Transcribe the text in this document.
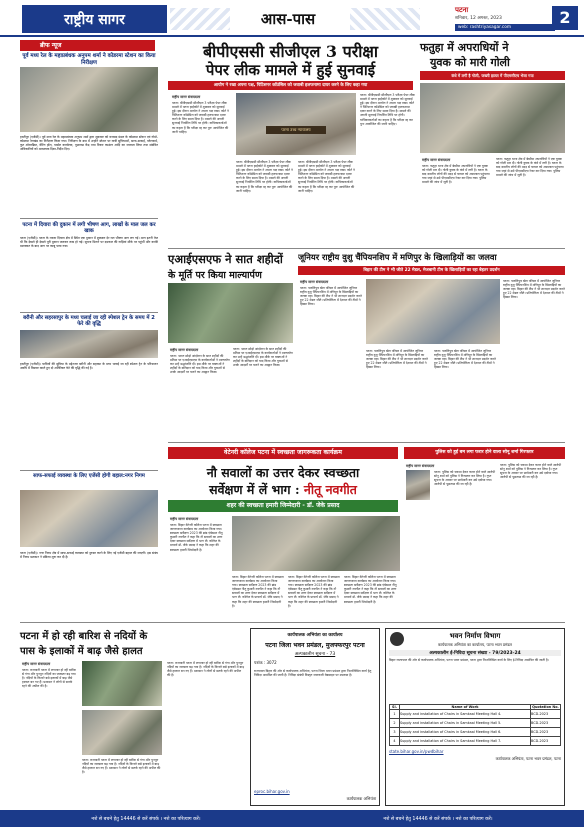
राष्ट्रीय सागर	आस-पास	पटना
शनिवार, 12 अगस्त, 2023
web: rashtriyasagar.com
2
ब्रीफ न्यूज
पूर्व मध्य रेल के महाप्रबंधक अनुपम शर्मा ने कोडरमा स्टेशन का किया निरीक्षण
हाजीपुर (एजेंसी)। पूर्व मध्य रेल के महाप्रबंधक अनुपम शर्मा द्वारा शुक्रवार को धनबाद मंडल के कोडरमा स्टेशन एवं गोमो-कोडरमा रेलखंड का निरीक्षण किया गया। निरीक्षण के क्रम में उन्होंने स्टेशन पर यात्री सुविधाओं, साफ-सफाई, प्लेटफार्म, फुट ओवरब्रिज, वेटिंग हॉल, पार्सल कार्यालय, पूछताछ केंद्र तथा टिकट काउंटर आदि का जायजा लिया तथा संबंधित अधिकारियों को आवश्यक दिशा-निर्देश दिए।
पटना में दियारा की दुकान में लगी भीषण आग, लाखों के माल जल कर खाक
पटना (एजेंसी)। पटना के नकटा दियारा क्षेत्र में स्थित एक दुकान में शुक्रवार देर रात भीषण आग लग गई। आग इतनी तेज थी कि देखते ही देखते पूरी दुकान जलकर राख हो गई। सूचना मिलने पर दमकल की गाड़ियां मौके पर पहुंचीं और काफी मशक्कत के बाद आग पर काबू पाया गया।
बरौनी और सहरसापुर के मध्य चलाई जा रही स्पेशल ट्रेन के समय में 2 फेरे की वृद्धि
हाजीपुर (एजेंसी)। यात्रियों की सुविधा के मद्देनजर बरौनी और सहरसा के मध्य चलाई जा रही स्पेशल ट्रेन के परिचालन अवधि में विस्तार करते हुए दो अतिरिक्त फेरे की वृद्धि की गई है।
साफ-सफाई व्यवस्था के लिए एजेंसी होगी बहाल:नगर निगम
पटना (एजेंसी)। नगर निगम क्षेत्र में साफ-सफाई व्यवस्था को दुरुस्त करने के लिए नई एजेंसी बहाल की जाएगी। इस संबंध में निगम प्रशासन ने प्रक्रिया शुरू कर दी है।
बीपीएससी सीजीएल 3 परीक्षा
पेपर लीक मामले में हुई सुनवाई
आयोग ने रखा अपना पक्ष, पिटिशनर कॉउंसिल को जवाबी हलफनामा दायर करने के लिए कहा गया
राष्ट्रीय सागर संवाददाता
पटना: बीपीएससी सीजीएल 3 परीक्षा पेपर लीक मामले में पटना हाईकोर्ट में शुक्रवार को सुनवाई हुई। इस दौरान आयोग ने अपना पक्ष रखा। कोर्ट ने पिटिशनर कॉउंसिल को जवाबी हलफनामा दायर करने के लिए समय दिया है। मामले की अगली सुनवाई निर्धारित तिथि पर होगी। याचिकाकर्ताओं का कहना है कि परीक्षा रद्द कर पुनः आयोजित की जानी चाहिए।	पटना उच्च न्यायालय
पटना: बीपीएससी सीजीएल 3 परीक्षा पेपर लीक मामले में पटना हाईकोर्ट में शुक्रवार को सुनवाई हुई। इस दौरान आयोग ने अपना पक्ष रखा। कोर्ट ने पिटिशनर कॉउंसिल को जवाबी हलफनामा दायर करने के लिए समय दिया है। मामले की अगली सुनवाई निर्धारित तिथि पर होगी। याचिकाकर्ताओं का कहना है कि परीक्षा रद्द कर पुनः आयोजित की जानी चाहिए।
पटना: बीपीएससी सीजीएल 3 परीक्षा पेपर लीक मामले में पटना हाईकोर्ट में शुक्रवार को सुनवाई हुई। इस दौरान आयोग ने अपना पक्ष रखा। कोर्ट ने पिटिशनर कॉउंसिल को जवाबी हलफनामा दायर करने के लिए समय दिया है। मामले की अगली सुनवाई निर्धारित तिथि पर होगी। याचिकाकर्ताओं का कहना है कि परीक्षा रद्द कर पुनः आयोजित की जानी चाहिए।
पटना: बीपीएससी सीजीएल 3 परीक्षा पेपर लीक मामले में पटना हाईकोर्ट में शुक्रवार को सुनवाई हुई। इस दौरान आयोग ने अपना पक्ष रखा। कोर्ट ने पिटिशनर कॉउंसिल को जवाबी हलफनामा दायर करने के लिए समय दिया है। मामले की अगली सुनवाई निर्धारित तिथि पर होगी। याचिकाकर्ताओं का कहना है कि परीक्षा रद्द कर पुनः आयोजित की जानी चाहिए।
फतुहा में अपराधियों ने
युवक को मारी गोली
कंधे में लगी है गोली, जख्मी हालत में पीएमसीएच भेजा गया
राष्ट्रीय सागर संवाददाता
पटना: फतुहा थाना क्षेत्र में बेखौफ अपराधियों ने एक युवक को गोली मार दी। गोली युवक के कंधे में लगी है। घटना के बाद स्थानीय लोगों की मदद से घायल को अस्पताल पहुंचाया गया जहां से उसे पीएमसीएच रेफर कर दिया गया। पुलिस मामले की जांच में जुटी है।
पटना: फतुहा थाना क्षेत्र में बेखौफ अपराधियों ने एक युवक को गोली मार दी। गोली युवक के कंधे में लगी है। घटना के बाद स्थानीय लोगों की मदद से घायल को अस्पताल पहुंचाया गया जहां से उसे पीएमसीएच रेफर कर दिया गया। पुलिस मामले की जांच में जुटी है।
एआईएसएफ ने सात शहीदों
के मूर्ति पर किया माल्यार्पण
राष्ट्रीय सागर संवाददाता
पटना: भारत छोड़ो आंदोलन के सात शहीदों की प्रतिमा पर एआईएसएफ के कार्यकर्ताओं ने माल्यार्पण कर उन्हें श्रद्धांजलि दी। इस मौके पर वक्ताओं ने शहीदों के बलिदान को याद किया और युवाओं से उनके आदर्शों पर चलने का आह्वान किया।
पटना: भारत छोड़ो आंदोलन के सात शहीदों की प्रतिमा पर एआईएसएफ के कार्यकर्ताओं ने माल्यार्पण कर उन्हें श्रद्धांजलि दी। इस मौके पर वक्ताओं ने शहीदों के बलिदान को याद किया और युवाओं से उनके आदर्शों पर चलने का आह्वान किया।
जूनियर राष्ट्रीय वुशु चैंपियनशिप में मणिपुर के खिलाड़ियों का जलवा
बिहार की टीम ने भी जीते 22 मेडल, मेजबानी टीम के खिलाड़ियों का रहा बेहतर प्रदर्शन
राष्ट्रीय सागर संवाददाता
पटना: पाटलिपुत्र खेल परिसर में आयोजित जूनियर राष्ट्रीय वुशु चैंपियनशिप में मणिपुर के खिलाड़ियों का जलवा रहा। बिहार की टीम ने भी शानदार प्रदर्शन करते हुए 22 मेडल जीते। प्रतियोगिता में देशभर की टीमों ने हिस्सा लिया।
पटना: पाटलिपुत्र खेल परिसर में आयोजित जूनियर राष्ट्रीय वुशु चैंपियनशिप में मणिपुर के खिलाड़ियों का जलवा रहा। बिहार की टीम ने भी शानदार प्रदर्शन करते हुए 22 मेडल जीते। प्रतियोगिता में देशभर की टीमों ने हिस्सा लिया।
पटना: पाटलिपुत्र खेल परिसर में आयोजित जूनियर राष्ट्रीय वुशु चैंपियनशिप में मणिपुर के खिलाड़ियों का जलवा रहा। बिहार की टीम ने भी शानदार प्रदर्शन करते हुए 22 मेडल जीते। प्रतियोगिता में देशभर की टीमों ने हिस्सा लिया।
पटना: पाटलिपुत्र खेल परिसर में आयोजित जूनियर राष्ट्रीय वुशु चैंपियनशिप में मणिपुर के खिलाड़ियों का जलवा रहा। बिहार की टीम ने भी शानदार प्रदर्शन करते हुए 22 मेडल जीते। प्रतियोगिता में देशभर की टीमों ने हिस्सा लिया।
वेटेनरी कॉलेज पटना में स्वच्छता जागरूकता कार्यक्रम
नौ सवालों का उत्तर देकर स्वच्छता
सर्वेक्षण में लें भाग : नीतू नवगीत
शहर की स्वच्छता हमारी जिम्मेदारी - डॉ. जेके प्रसाद
राष्ट्रीय सागर संवाददाता
पटना: बिहार वेटेनरी कॉलेज पटना में स्वच्छता जागरूकता कार्यक्रम का आयोजन किया गया। स्वच्छता सर्वेक्षण 2023 की ब्रांड एंबेसडर नीतू कुमारी नवगीत ने कहा कि नौ सवालों का उत्तर देकर स्वच्छता सर्वेक्षण में भाग लें। कॉलेज के प्राचार्य डॉ. जेके प्रसाद ने कहा कि शहर की स्वच्छता हमारी जिम्मेदारी है।
पटना: बिहार वेटेनरी कॉलेज पटना में स्वच्छता जागरूकता कार्यक्रम का आयोजन किया गया। स्वच्छता सर्वेक्षण 2023 की ब्रांड एंबेसडर नीतू कुमारी नवगीत ने कहा कि नौ सवालों का उत्तर देकर स्वच्छता सर्वेक्षण में भाग लें। कॉलेज के प्राचार्य डॉ. जेके प्रसाद ने कहा कि शहर की स्वच्छता हमारी जिम्मेदारी है।
पटना: बिहार वेटेनरी कॉलेज पटना में स्वच्छता जागरूकता कार्यक्रम का आयोजन किया गया। स्वच्छता सर्वेक्षण 2023 की ब्रांड एंबेसडर नीतू कुमारी नवगीत ने कहा कि नौ सवालों का उत्तर देकर स्वच्छता सर्वेक्षण में भाग लें। कॉलेज के प्राचार्य डॉ. जेके प्रसाद ने कहा कि शहर की स्वच्छता हमारी जिम्मेदारी है।
पटना: बिहार वेटेनरी कॉलेज पटना में स्वच्छता जागरूकता कार्यक्रम का आयोजन किया गया। स्वच्छता सर्वेक्षण 2023 की ब्रांड एंबेसडर नीतू कुमारी नवगीत ने कहा कि नौ सवालों का उत्तर देकर स्वच्छता सर्वेक्षण में भाग लें। कॉलेज के प्राचार्य डॉ. जेके प्रसाद ने कहा कि शहर की स्वच्छता हमारी जिम्मेदारी है।
पुलिस को हुई बम लगा फरार होने वाला सोनू शर्मा गिरफ्तार
राष्ट्रीय सागर संवाददाता
पटना: पुलिस को चकमा देकर फरार होने वाले आरोपी सोनू शर्मा को पुलिस ने गिरफ्तार कर लिया है। गुप्त सूचना के आधार पर छापेमारी कर उसे दबोचा गया। आरोपी से पूछताछ की जा रही है।
पटना: पुलिस को चकमा देकर फरार होने वाले आरोपी सोनू शर्मा को पुलिस ने गिरफ्तार कर लिया है। गुप्त सूचना के आधार पर छापेमारी कर उसे दबोचा गया। आरोपी से पूछताछ की जा रही है।
पटना में हो रही बारिश से नदियों के
पास के इलाकों में बाढ़ जैसे हालत
राष्ट्रीय सागर संवाददाता
पटना: राजधानी पटना में लगातार हो रही बारिश से गंगा और पुनपुन नदियों का जलस्तर बढ़ गया है। नदियों के किनारे बसे इलाकों में बाढ़ जैसे हालात बन गए हैं। प्रशासन ने लोगों से सतर्क रहने की अपील की है।
पटना: राजधानी पटना में लगातार हो रही बारिश से गंगा और पुनपुन नदियों का जलस्तर बढ़ गया है। नदियों के किनारे बसे इलाकों में बाढ़ जैसे हालात बन गए हैं। प्रशासन ने लोगों से सतर्क रहने की अपील की है।
पटना: राजधानी पटना में लगातार हो रही बारिश से गंगा और पुनपुन नदियों का जलस्तर बढ़ गया है। नदियों के किनारे बसे इलाकों में बाढ़ जैसे हालात बन गए हैं। प्रशासन ने लोगों से सतर्क रहने की अपील की है।
कार्यपालक अभियंता का कार्यालय
पटना जिला भवन प्रमंडल, मुजफ्फरपुर पटना
अल्पकालीन सूचना - 73
पत्रांक : 3072
राज्यपाल बिहार की ओर से कार्यपालक अभियंता, पटना जिला भवन प्रमंडल द्वारा निम्नलिखित कार्य हेतु निविदा आमंत्रित की जाती है। निविदा संबंधी विस्तृत जानकारी वेबसाइट पर उपलब्ध है।
eproc.bihar.gov.in
कार्यपालक अभियंता
भवन निर्माण विभाग
कार्यपालक अभियंता का कार्यालय, पटना भवन प्रमंडल
अल्पकालीन ई-निविदा सूचना संख्या - 79/2023-24
बिहार राज्यपाल की ओर से कार्यपालक अभियंता, पटना भवन प्रमंडल, पटना द्वारा निम्नलिखित कार्य के लिए ई-निविदा आमंत्रित की जाती है।
Sl.	Name of Work	Quotation No.
1	Supply and installation of Chairs in Samkaal Meeting Hall 4.	BCD-2023
2	Supply and installation of Chairs in Samkaal Meeting Hall 5.	BCD-2023
3	Supply and installation of Chairs in Samkaal Meeting Hall 6.	BCD-2023
4	Supply and installation of Chairs in Samkaal Meeting Hall 7.	BCD-2023
state.bihar.gov.in/pwdbihar
कार्यपालक अभियंता, पटना भवन प्रमंडल, पटना
नशे से बचने हेतु 14446 से करें संपर्क । नशे का परित्याग करें।	नशे से बचने हेतु 14446 से करें संपर्क । नशे का परित्याग करें।
